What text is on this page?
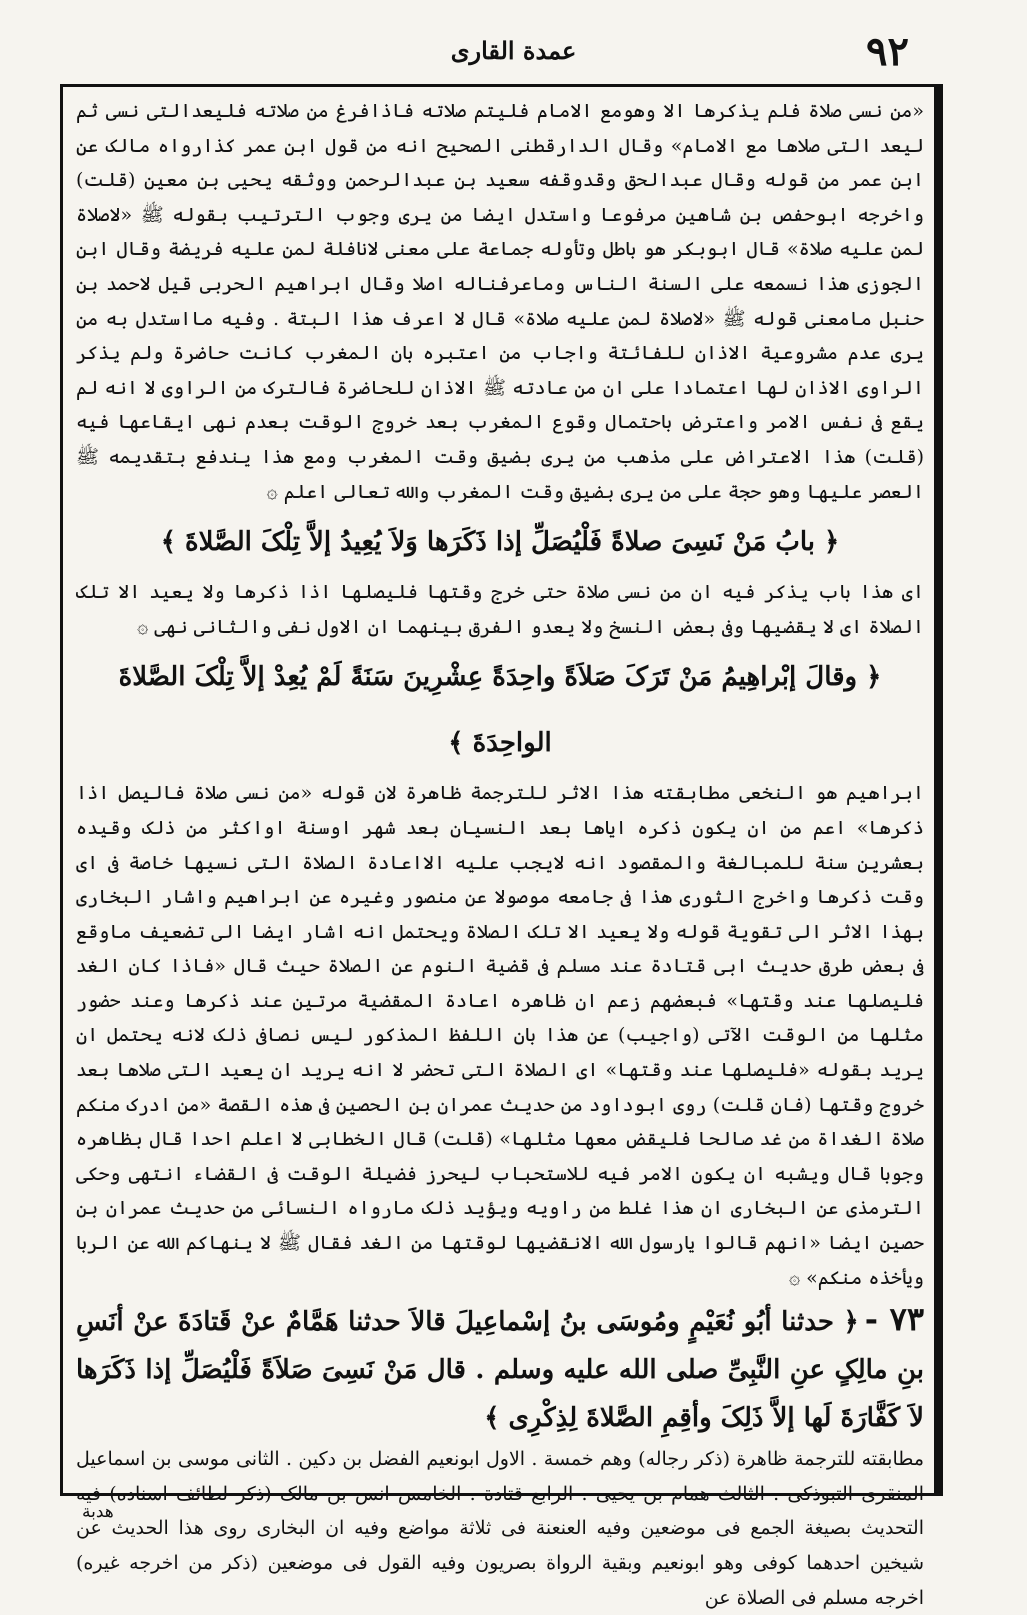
عمدة القاری	٩٢

«من نسی صلاة فلم یذکرها الا وهومع الامام فلیتم صلاته فاذافرغ من صلاته فلیعدالتی نسی ثم لیعد التی صلاها مع الامام» وقال الدارقطنی الصحیح انه من قول ابن عمر کذارواه مالک عن ابن عمر من قوله وقال عبدالحق وقدوقفه سعید بن عبدالرحمن ووثقه یحیی بن معین (قلت) واخرجه ابوحفص بن شاهین مرفوعا واستدل ایضا من یری وجوب الترتیب بقوله ﷺ «لاصلاة لمن علیه صلاة» قال ابوبکر هو باطل وتأوله جماعة علی معنی لانافلة لمن علیه فریضة وقال ابن الجوزی هذا نسمعه علی السنة الناس وماعرفناله اصلا وقال ابراهیم الحربی قیل لاحمد بن حنبل مامعنی قوله ﷺ «لاصلاة لمن علیه صلاة» قال لا اعرف هذا البتة . وفیه مااستدل به من یری عدم مشروعیة الاذان للفائتة واجاب من اعتبره بان المغرب کانت حاضرة ولم یذکر الراوی الاذان لها اعتمادا علی ان من عادته ﷺ الاذان للحاضرة فالترک من الراوی لا انه لم یقع فی نفس الامر واعترض باحتمال وقوع المغرب بعد خروج الوقت بعدم نهی ایقاعها فیه (قلت) هذا الاعتراض علی مذهب من یری بضیق وقت المغرب ومع هذا یندفع بتقدیمه ﷺ العصر علیها وهو حجة علی من یری بضیق وقت المغرب والله تعالی اعلم ۞

﴿ بابُ مَنْ نَسِیَ صلاةً فَلْیُصَلِّ إذا ذَکَرَها وَلاَ یُعِیدُ إلاَّ تِلْکَ الصَّلاةَ ﴾

ای هذا باب یذکر فیه ان من نسی صلاة حتی خرج وقتها فلیصلها اذا ذکرها ولا یعید الا تلک الصلاة ای لا یقضیها وفی بعض النسخ ولا یعدو الفرق بینهما ان الاول نفی والثانی نهی ۞

﴿ وقالَ إبْراهِیمُ مَنْ تَرَکَ صَلاَةً واحِدَةً عِشْرِینَ سَنَةً لَمْ یُعِدْ إلاَّ تِلْکَ الصَّلاةَ الواحِدَةَ ﴾

ابراهیم هو النخعی مطابقته هذا الاثر للترجمة ظاهرة لان قوله «من نسی صلاة فالیصل اذا ذکرها» اعم من ان یکون ذکره ایاها بعد النسیان بعد شهر اوسنة اواکثر من ذلک وقیده بعشرین سنة للمبالغة والمقصود انه لایجب علیه الااعادة الصلاة التی نسیها خاصة فی ای وقت ذکرها واخرج الثوری هذا فی جامعه موصولا عن منصور وغیره عن ابراهیم واشار البخاری بهذا الاثر الی تقویة قوله ولا یعید الا تلک الصلاة ویحتمل انه اشار ایضا الی تضعیف ماوقع فی بعض طرق حدیث ابی قتادة عند مسلم فی قضیة النوم عن الصلاة حیث قال «فاذا کان الغد فلیصلها عند وقتها» فبعضهم زعم ان ظاهره اعادة المقضیة مرتین عند ذکرها وعند حضور مثلها من الوقت الآتی (واجیب) عن هذا بان اللفظ المذکور لیس نصافی ذلک لانه یحتمل ان یرید بقوله «فلیصلها عند وقتها» ای الصلاة التی تحضر لا انه یرید ان یعید التی صلاها بعد خروج وقتها (فان قلت) روی ابوداود من حدیث عمران بن الحصین فی هذه القصة «من ادرک منکم صلاة الغداة من غد صالحا فلیقض معها مثلها» (قلت) قال الخطابی لا اعلم احدا قال بظاهره وجوبا قال ویشبه ان یکون الامر فیه للاستحباب لیحرز فضیلة الوقت فی القضاء انتهی وحکی الترمذی عن البخاری ان هذا غلط من راویه ویؤید ذلک مارواه النسائی من حدیث عمران بن حصین ایضا «انهم قالوا یارسول الله الانقضیها لوقتها من الغد فقال ﷺ لا ینهاکم الله عن الربا ویأخذه منکم» ۞

٧٣ -﴿ حدثنا أبُو نُعَیْمٍ ومُوسَی بنُ إسْماعِیلَ قالاَ حدثنا هَمَّامٌ عنْ قَتادَةَ عنْ أنَسِ بنِ مالِکٍ عنِ النَّبِیِّ صلی الله علیه وسلم . قال مَنْ نَسِیَ صَلاَةً فَلْیُصَلِّ إذا ذَکَرَها لاَ کَفَّارَةَ لَها إلاَّ ذَلِکَ وأقِمِ الصَّلاةَ لِذِکْرِی ﴾

مطابقته للترجمة ظاهرة (ذکر رجاله) وهم خمسة . الاول ابونعیم الفضل بن دکین . الثانی موسی بن اسماعیل المنقری التبوذکی . الثالث همام بن یحیی . الرابع قتادة . الخامس انس بن مالک (ذکر لطائف اسناده) فیه التحدیث بصیغة الجمع فی موضعین وفیه العنعنة فی ثلاثة مواضع وفیه ان البخاری روی هذا الحدیث عن شیخین احدهما کوفی وهو ابونعیم وبقیة الرواة بصریون وفیه القول فی موضعین (ذکر من اخرجه غیره) اخرجه مسلم فی الصلاة عن

هدبة
